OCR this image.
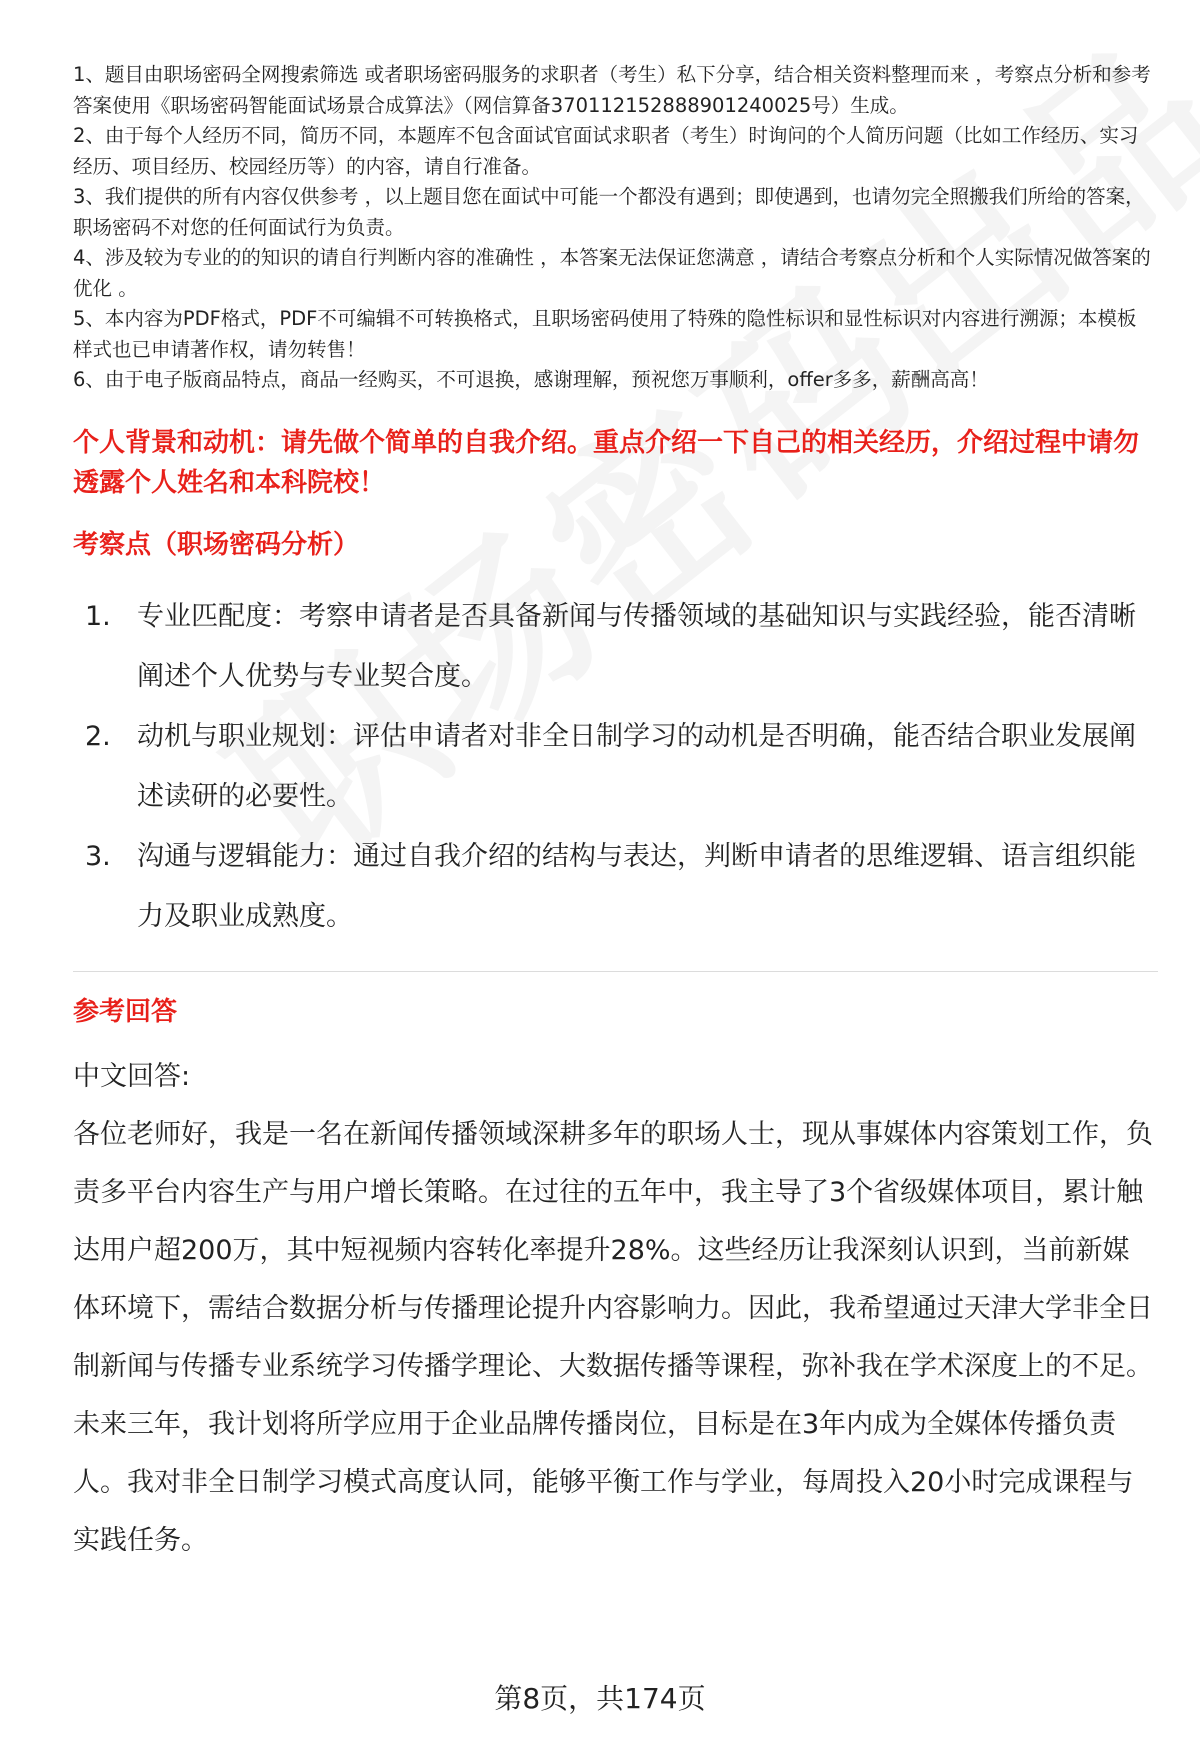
1、题目由职场密码全网搜索筛选 或者职场密码服务的求职者（考生）私下分享，结合相关资料整理而来 ，考察点分析和参考答案使用《职场密码智能面试场景合成算法》（网信算备370112152888901240025号）生成。

2、由于每个人经历不同，简历不同，本题库不包含面试官面试求职者（考生）时询问的个人简历问题（比如工作经历、实习经历、项目经历、校园经历等）的内容，请自行准备。

3、我们提供的所有内容仅供参考 ，以上题目您在面试中可能一个都没有遇到；即使遇到，也请勿完全照搬我们所给的答案，职场密码不对您的任何面试行为负责。

4、涉及较为专业的的知识的请自行判断内容的准确性 ，本答案无法保证您满意 ，请结合考察点分析和个人实际情况做答案的优化 。

5、本内容为PDF格式，PDF不可编辑不可转换格式，且职场密码使用了特殊的隐性标识和显性标识对内容进行溯源；本模板样式也已申请著作权，请勿转售！

6、由于电子版商品特点，商品一经购买，不可退换，感谢理解，预祝您万事顺利，offer多多，薪酬高高！

个人背景和动机：请先做个简单的自我介绍。重点介绍一下自己的相关经历，介绍过程中请勿透露个人姓名和本科院校！
考察点（职场密码分析）
1. 专业匹配度：考察申请者是否具备新闻与传播领域的基础知识与实践经验，能否清晰阐述个人优势与专业契合度。
2. 动机与职业规划：评估申请者对非全日制学习的动机是否明确，能否结合职业发展阐述读研的必要性。
3. 沟通与逻辑能力：通过自我介绍的结构与表达，判断申请者的思维逻辑、语言组织能力及职业成熟度。
参考回答

中文回答:

各位老师好，我是一名在新闻传播领域深耕多年的职场人士，现从事媒体内容策划工作，负责多平台内容生产与用户增长策略。在过往的五年中，我主导了3个省级媒体项目，累计触达用户超200万，其中短视频内容转化率提升28%。这些经历让我深刻认识到，当前新媒体环境下，需结合数据分析与传播理论提升内容影响力。因此，我希望通过天津大学非全日制新闻与传播专业系统学习传播学理论、大数据传播等课程，弥补我在学术深度上的不足。未来三年，我计划将所学应用于企业品牌传播岗位，目标是在3年内成为全媒体传播负责人。我对非全日制学习模式高度认同，能够平衡工作与学业，每周投入20小时完成课程与实践任务。

第8页，共174页
